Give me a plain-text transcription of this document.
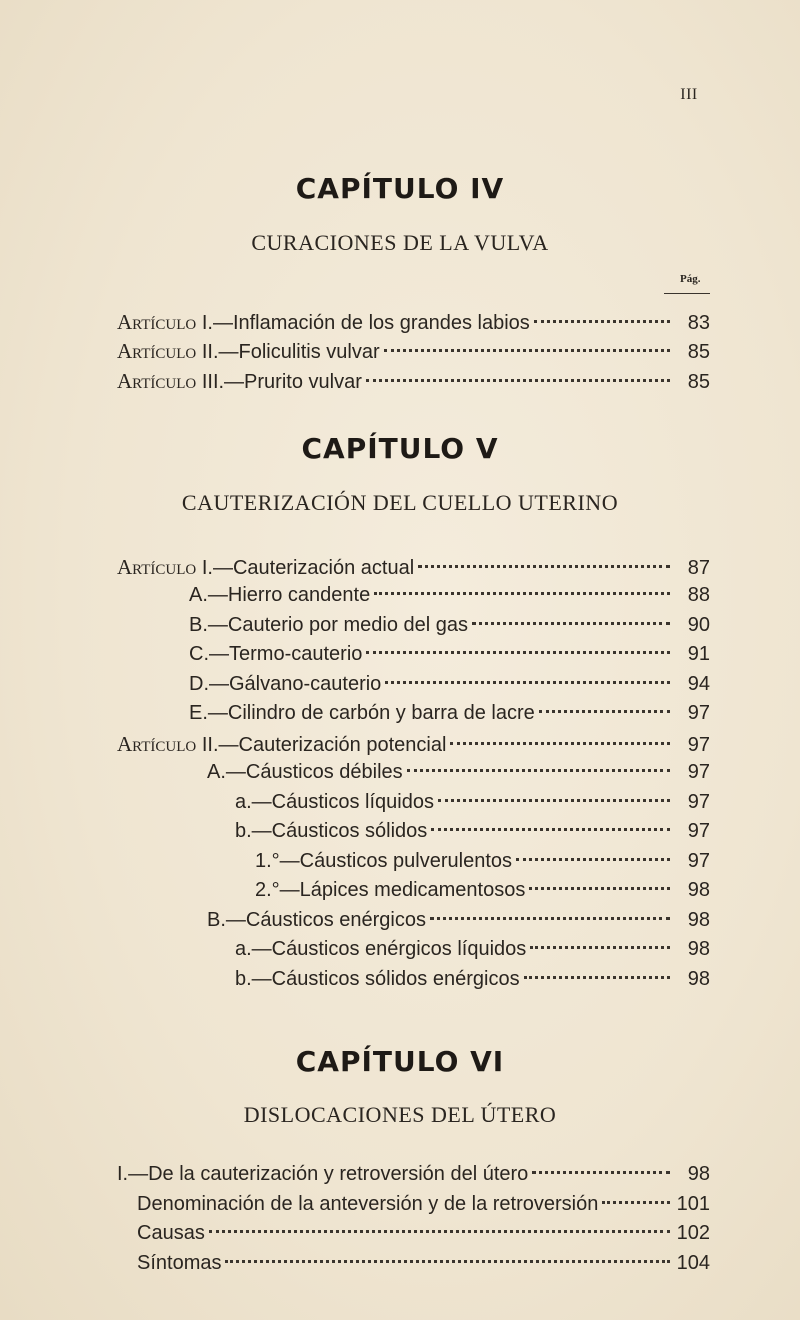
III
CAPÍTULO IV
CURACIONES DE LA VULVA
Pág.
Artículo I.—Inflamación de los grandes labios	83
Artículo II.—Foliculitis vulvar	85
Artículo III.—Prurito vulvar	85
CAPÍTULO V
CAUTERIZACIÓN DEL CUELLO UTERINO
Artículo I.—Cauterización actual	87
A.—Hierro candente	88
B.—Cauterio por medio del gas	90
C.—Termo-cauterio	91
D.—Gálvano-cauterio	94
E.—Cilindro de carbón y barra de lacre	97
Artículo II.—Cauterización potencial	97
A.—Cáusticos débiles	97
a.—Cáusticos líquidos	97
b.—Cáusticos sólidos	97
1.°—Cáusticos pulverulentos	97
2.°—Lápices medicamentosos	98
B.—Cáusticos enérgicos	98
a.—Cáusticos enérgicos líquidos	98
b.—Cáusticos sólidos enérgicos	98
CAPÍTULO VI
DISLOCACIONES DEL ÚTERO
I.—De la cauterización y retroversión del útero	98
Denominación de la anteversión y de la retroversión	101
Causas	102
Síntomas	104
